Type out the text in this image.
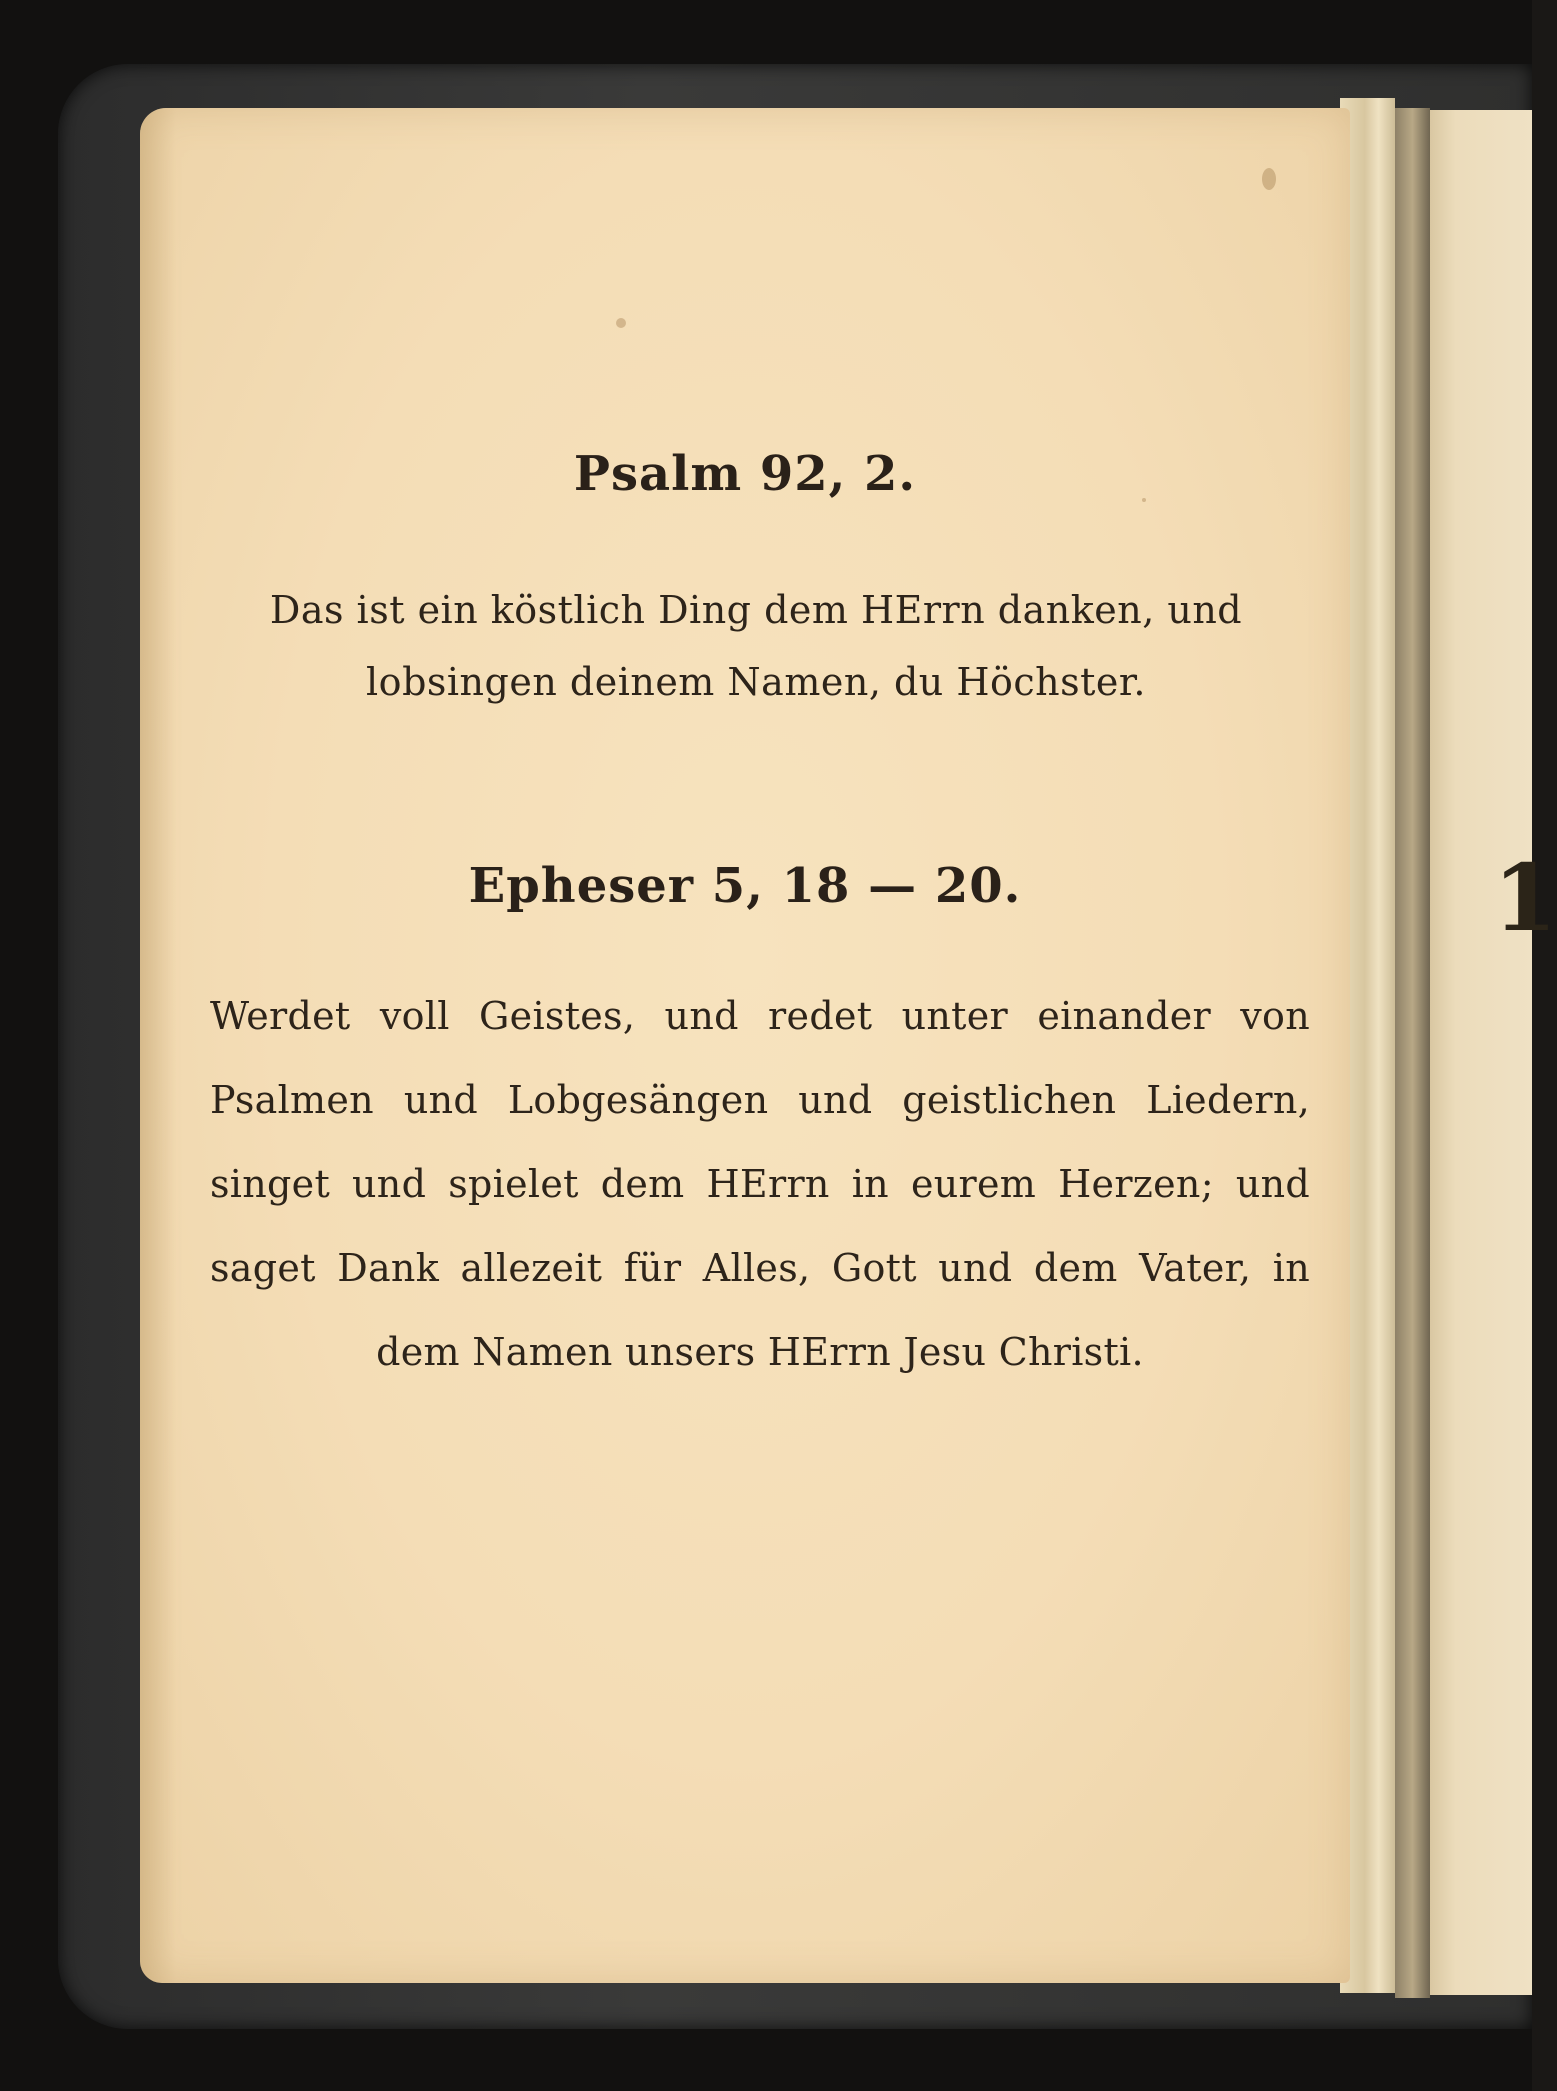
1
Psalm 92, 2.

Das ist ein köstlich Ding dem HErrn danken, und lobsingen deinem Namen, du Höchster.

Epheser 5, 18 — 20.

Werdet voll Geistes, und redet unter einander von Psalmen und Lobgesängen und geistlichen Liedern, singet und spielet dem HErrn in eurem Herzen; und saget Dank allezeit für Alles, Gott und dem Vater, in dem Namen unsers HErrn Jesu Christi.
